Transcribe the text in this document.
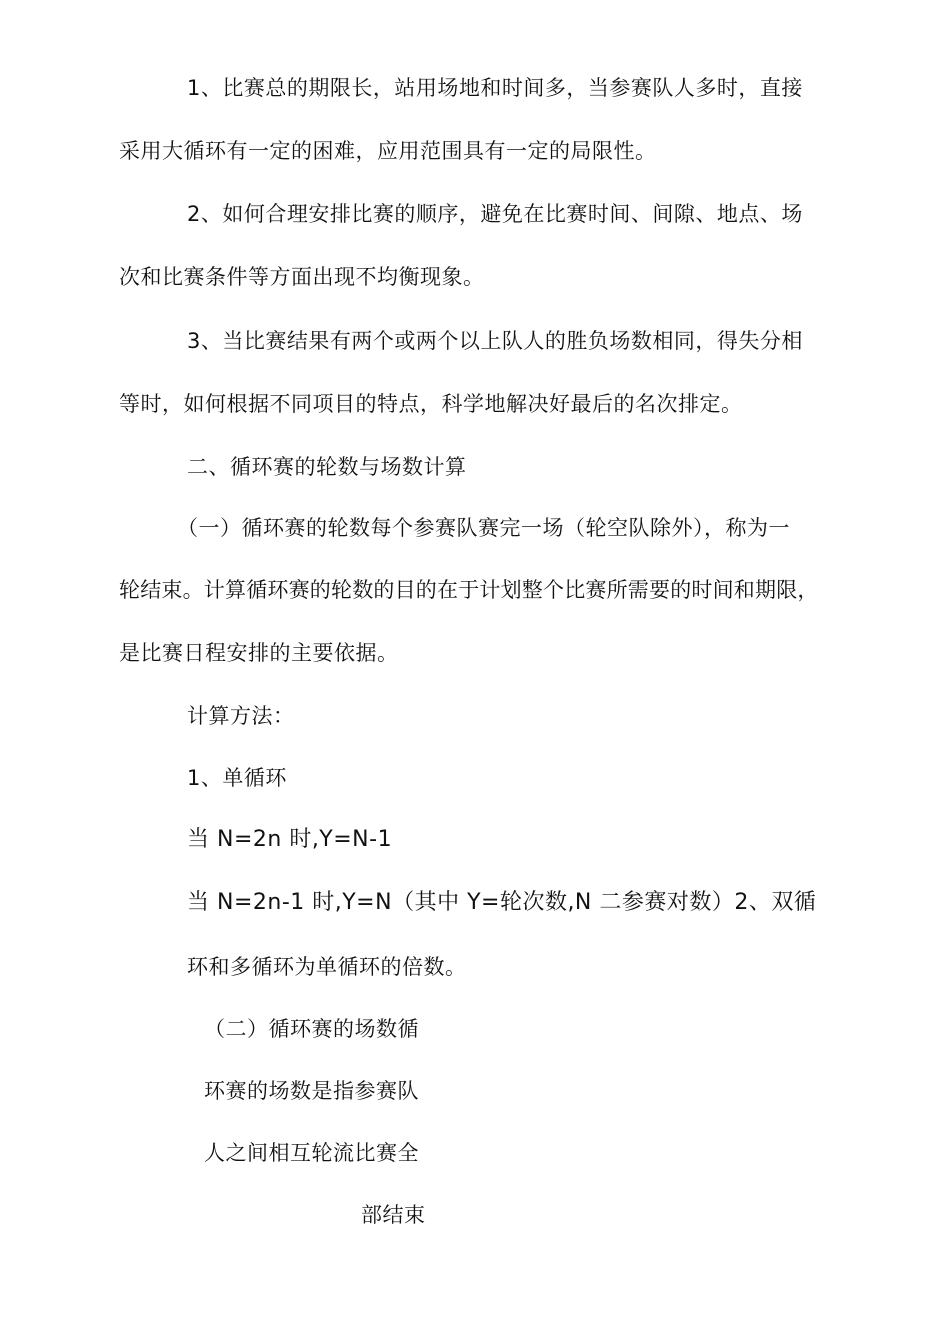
1、比赛总的期限长，站用场地和时间多，当参赛队人多时，直接
采用大循环有一定的困难，应用范围具有一定的局限性。
2、如何合理安排比赛的顺序，避免在比赛时间、间隙、地点、场
次和比赛条件等方面出现不均衡现象。
3、当比赛结果有两个或两个以上队人的胜负场数相同，得失分相
等时，如何根据不同项目的特点，科学地解决好最后的名次排定。
二、循环赛的轮数与场数计算
（一）循环赛的轮数每个参赛队赛完一场（轮空队除外），称为一
轮结束。计算循环赛的轮数的目的在于计划整个比赛所需要的时间和期限，
是比赛日程安排的主要依据。
计算方法：
1、单循环
当 N=2n 时,Y=N-1
当 N=2n-1 时,Y=N（其中 Y=轮次数,N 二参赛对数）2、双循
环和多循环为单循环的倍数。
（二）循环赛的场数循
环赛的场数是指参赛队
人之间相互轮流比赛全
部结束
